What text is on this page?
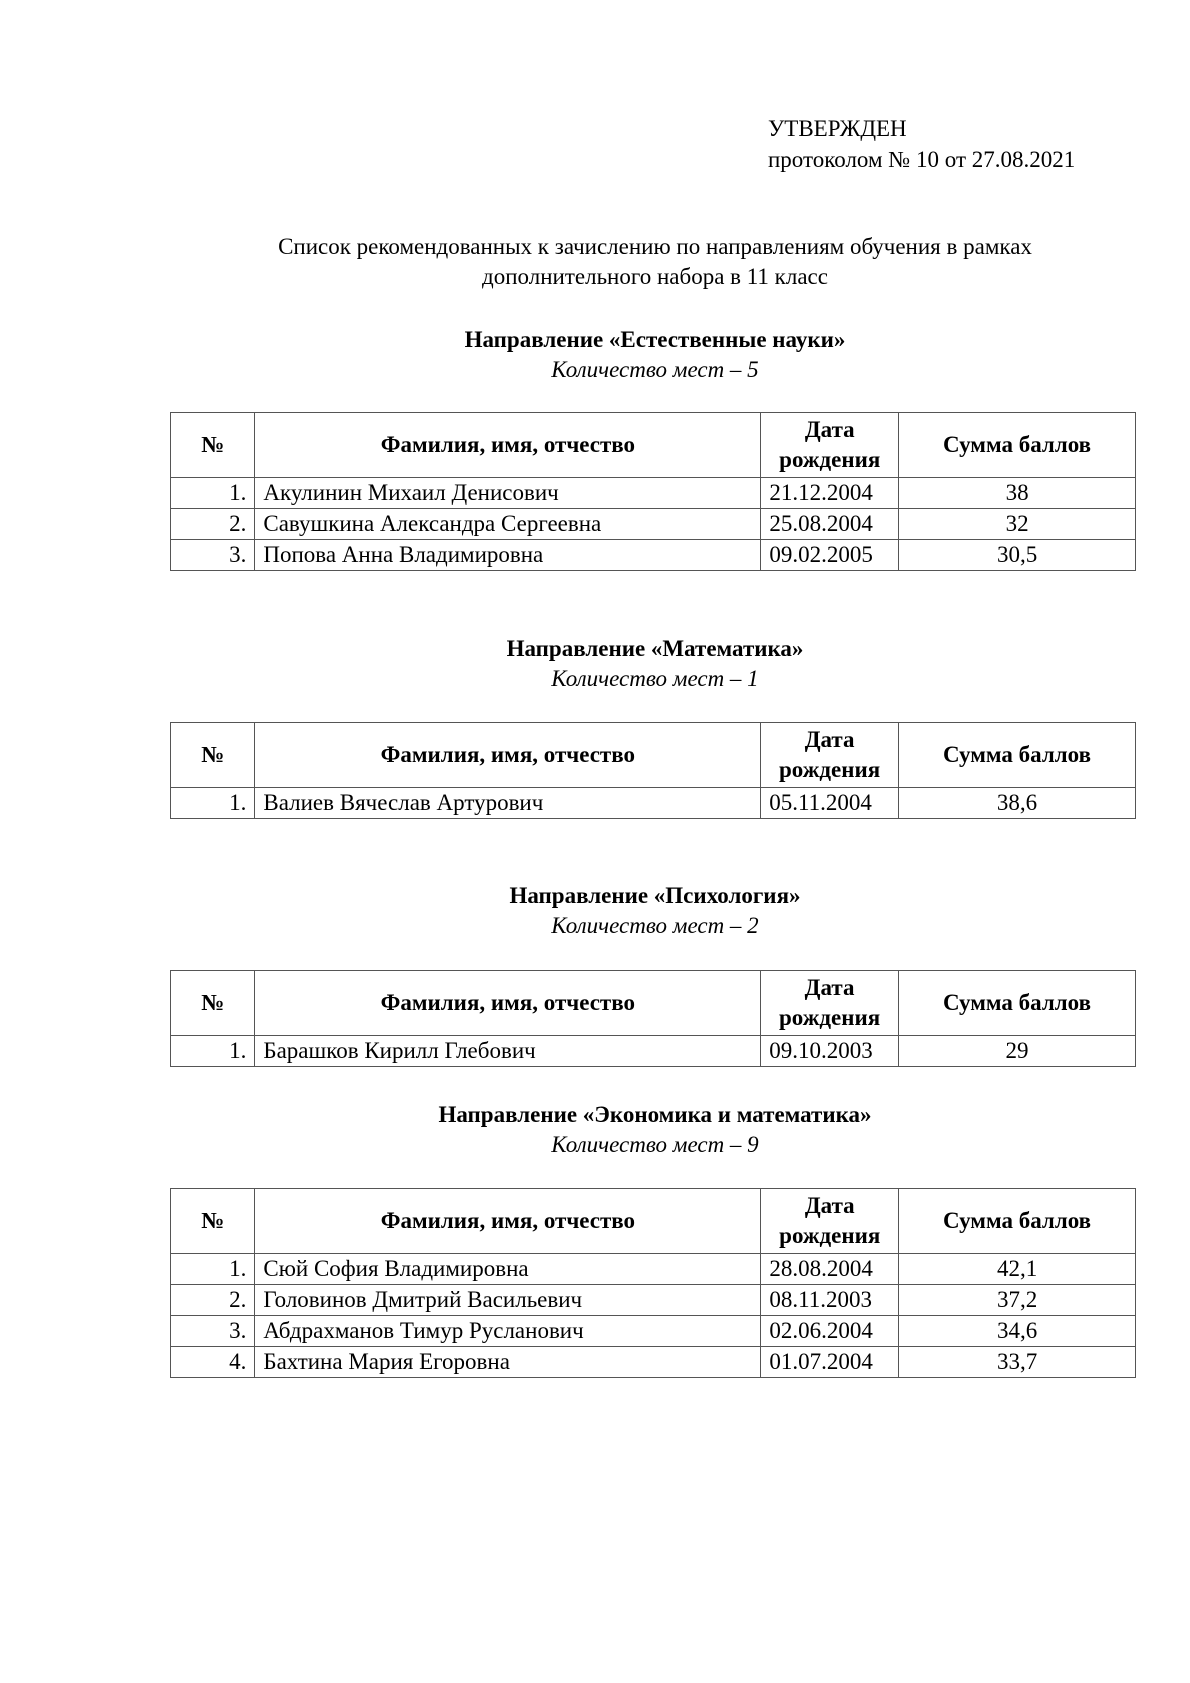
УТВЕРЖДЕН
протоколом № 10 от 27.08.2021
Список рекомендованных к зачислению по направлениям обучения в рамках
дополнительного набора в 11 класс
Направление «Естественные науки»
Количество мест – 5
№	Фамилия, имя, отчество	Дата
рождения	Сумма баллов
1.	Акулинин Михаил Денисович	21.12.2004	38
2.	Савушкина Александра Сергеевна	25.08.2004	32
3.	Попова Анна Владимировна	09.02.2005	30,5
Направление «Математика»
Количество мест – 1
№	Фамилия, имя, отчество	Дата
рождения	Сумма баллов
1.	Валиев Вячеслав Артурович	05.11.2004	38,6
Направление «Психология»
Количество мест – 2
№	Фамилия, имя, отчество	Дата
рождения	Сумма баллов
1.	Барашков Кирилл Глебович	09.10.2003	29
Направление «Экономика и математика»
Количество мест – 9
№	Фамилия, имя, отчество	Дата
рождения	Сумма баллов
1.	Сюй София Владимировна	28.08.2004	42,1
2.	Головинов Дмитрий Васильевич	08.11.2003	37,2
3.	Абдрахманов Тимур Русланович	02.06.2004	34,6
4.	Бахтина Мария Егоровна	01.07.2004	33,7
